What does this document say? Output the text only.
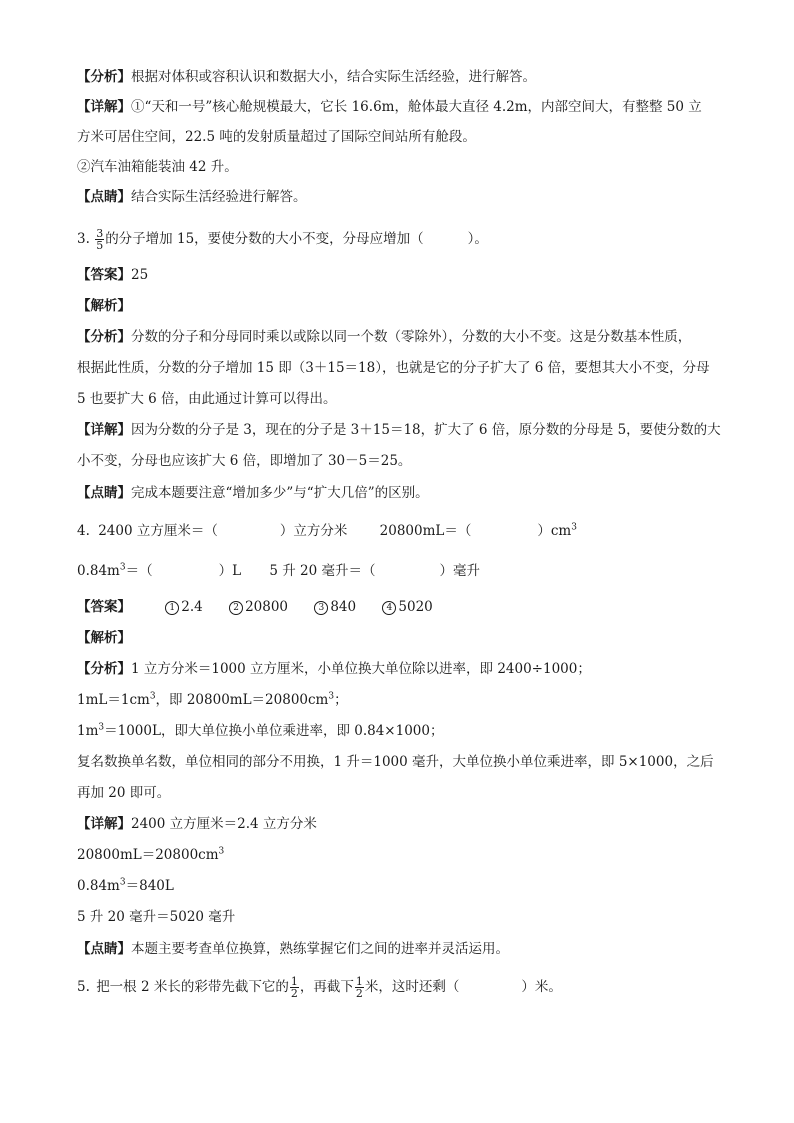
【分析】根据对体积或容积认识和数据大小，结合实际生活经验，进行解答。
【详解】①“天和一号”核心舱规模最大，它长 16.6m，舱体最大直径 4.2m，内部空间大，有整整 50 立
方米可居住空间，22.5 吨的发射质量超过了国际空间站所有舱段。
②汽车油箱能装油 42 升。
【点睛】结合实际生活经验进行解答。
3. $\frac{3}{5}$ 的分子增加 15，要使分数的大小不变，分母应增加（	）。
【答案】25
【解析】
【分析】分数的分子和分母同时乘以或除以同一个数（零除外），分数的大小不变。这是分数基本性质，
根据此性质，分数的分子增加 15 即（3＋15＝18），也就是它的分子扩大了 6 倍，要想其大小不变，分母
5 也要扩大 6 倍，由此通过计算可以得出。
【详解】因为分数的分子是 3，现在的分子是 3＋15＝18，扩大了 6 倍，原分数的分母是 5，要使分数的大
小不变，分母也应该扩大 6 倍，即增加了 30－5＝25。
【点睛】完成本题要注意“增加多少”与“扩大几倍”的区别。
4. 2400 立方厘米＝（	）立方分米 20800mL＝（	）$cm^3$
$0.84m^3=$（	）L 5 升 20 毫升＝（	）毫升
【答案】	1 2.4	2 20800	3 840	4 5020
【解析】
【分析】1 立方分米＝1000 立方厘米，小单位换大单位除以进率，即 2400÷1000；
$1mL=1cm^3$，即 $20800mL=20800cm^3$；
$1m^3=1000L$，即大单位换小单位乘进率，即 0.84×1000；
复名数换单名数，单位相同的部分不用换，1 升＝1000 毫升，大单位换小单位乘进率，即 5×1000，之后
再加 20 即可。
【详解】2400 立方厘米＝2.4 立方分米
$20800mL=20800cm^3$
$0.84m^3=840L$
5 升 20 毫升＝5020 毫升
【点睛】本题主要考查单位换算，熟练掌握它们之间的进率并灵活运用。
5. 把一根 2 米长的彩带先截下它的 $\frac{1}{2}$ ，再截下 $\frac{1}{2}$ 米，这时还剩（	）米。
